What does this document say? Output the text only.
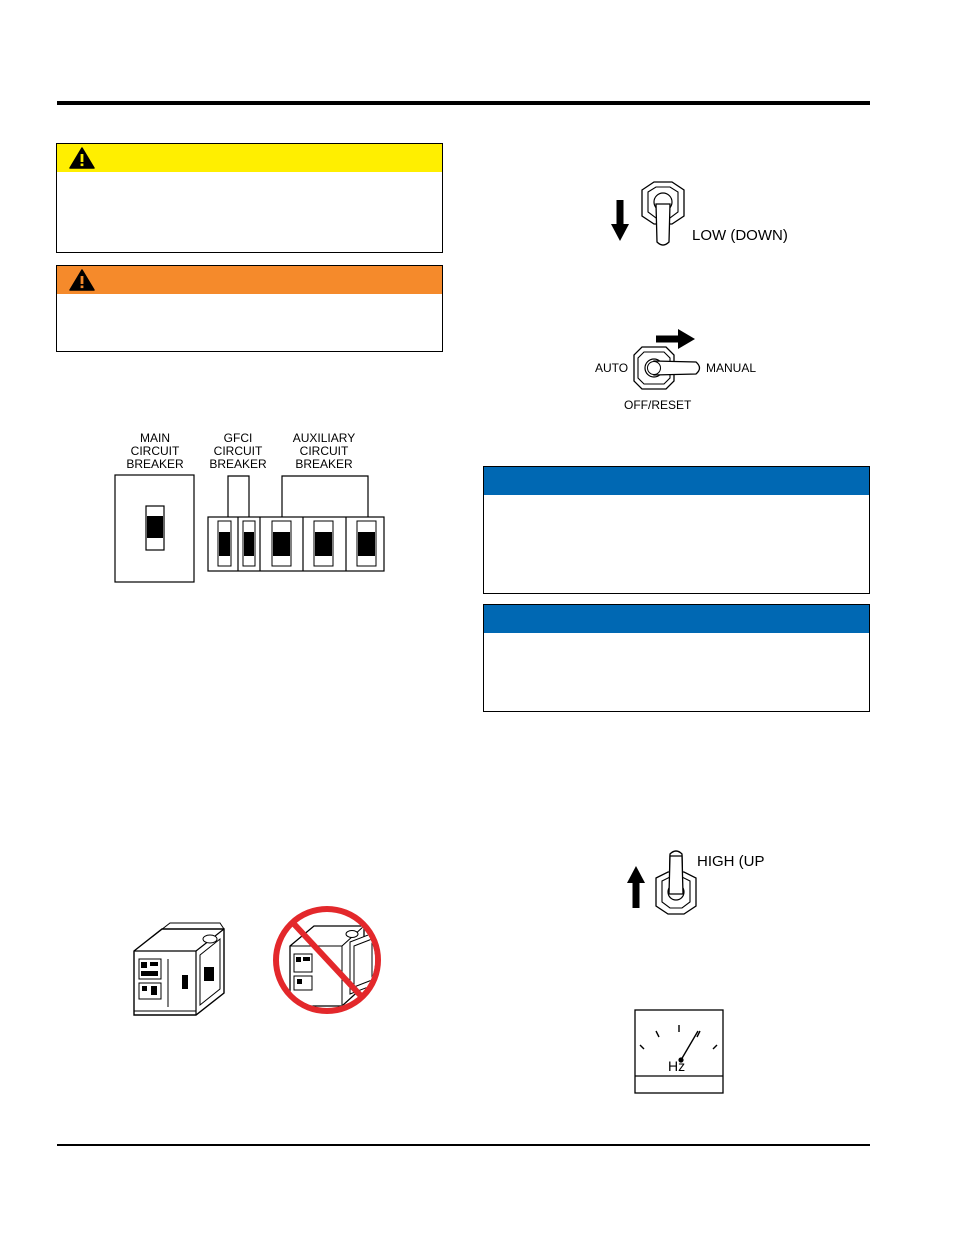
MAIN CIRCUIT BREAKER
GFCI CIRCUIT BREAKER
AUXILIARY CIRCUIT BREAKER
LOW (DOWN)
AUTO	MANUAL
OFF/RESET
HIGH (UP
Hz
